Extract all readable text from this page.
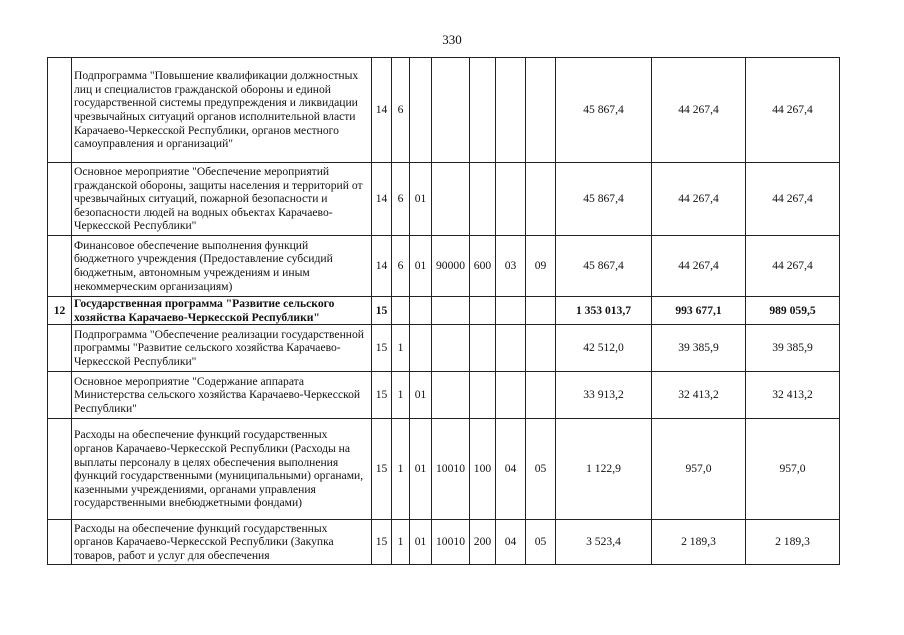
330
	Подпрограмма "Повышение квалификации должностных лиц и специалистов гражданской обороны и единой государственной системы предупреждения и ликвидации чрезвычайных ситуаций органов исполнительной власти Карачаево-Черкесской Республики, органов местного самоуправления и организаций"	14	6						45 867,4	44 267,4	44 267,4
	Основное мероприятие "Обеспечение мероприятий гражданской обороны, защиты населения и территорий от чрезвычайных ситуаций, пожарной безопасности и безопасности людей на водных объектах Карачаево-Черкесской Республики"	14	6	01					45 867,4	44 267,4	44 267,4
	Финансовое обеспечение выполнения функций бюджетного учреждения (Предоставление субсидий бюджетным, автономным учреждениям и иным некоммерческим организациям)	14	6	01	90000	600	03	09	45 867,4	44 267,4	44 267,4
12	Государственная программа "Развитие сельского хозяйства Карачаево-Черкесской Республики"	15							1 353 013,7	993 677,1	989 059,5
	Подпрограмма "Обеспечение реализации государственной программы "Развитие сельского хозяйства Карачаево-Черкесской Республики"	15	1						42 512,0	39 385,9	39 385,9
	Основное мероприятие "Содержание аппарата Министерства сельского хозяйства Карачаево-Черкесской Республики"	15	1	01					33 913,2	32 413,2	32 413,2
	Расходы на обеспечение функций государственных органов Карачаево-Черкесской Республики (Расходы на выплаты персоналу в целях обеспечения выполнения функций государственными (муниципальными) органами, казенными учреждениями, органами управления государственными внебюджетными фондами)	15	1	01	10010	100	04	05	1 122,9	957,0	957,0
	Расходы на обеспечение функций государственных органов Карачаево-Черкесской Республики (Закупка товаров, работ и услуг для обеспечения	15	1	01	10010	200	04	05	3 523,4	2 189,3	2 189,3
